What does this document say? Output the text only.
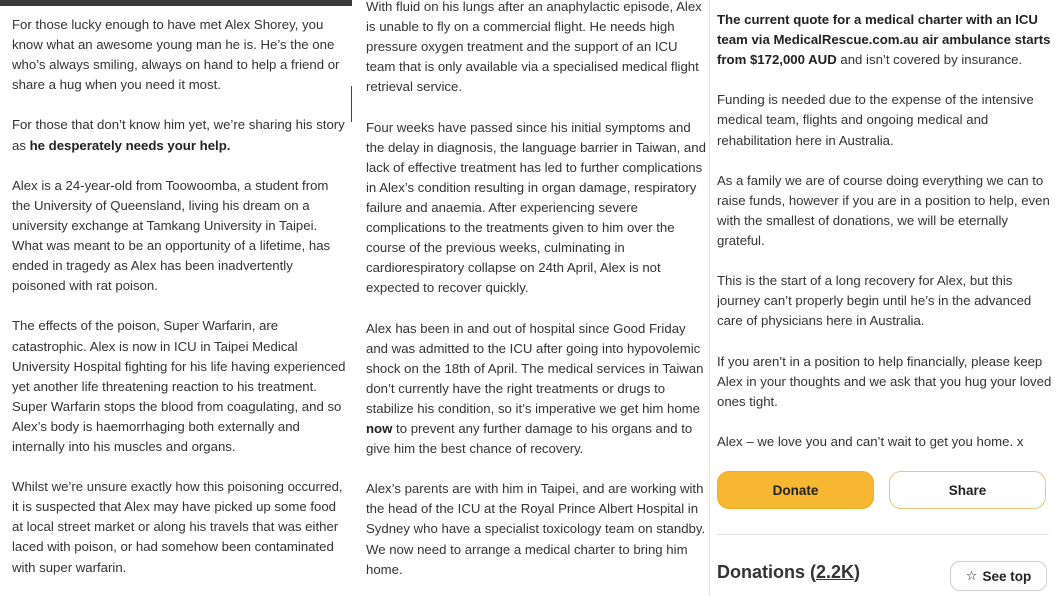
For those lucky enough to have met Alex Shorey, you know what an awesome young man he is. He’s the one who’s always smiling, always on hand to help a friend or share a hug when you need it most.

For those that don’t know him yet, we’re sharing his story as he desperately needs your help.

Alex is a 24-year-old from Toowoomba, a student from the University of Queensland, living his dream on a university exchange at Tamkang University in Taipei. What was meant to be an opportunity of a lifetime, has ended in tragedy as Alex has been inadvertently poisoned with rat poison.

The effects of the poison, Super Warfarin, are catastrophic. Alex is now in ICU in Taipei Medical University Hospital fighting for his life having experienced yet another life threatening reaction to his treatment. Super Warfarin stops the blood from coagulating, and so Alex’s body is haemorrhaging both externally and internally into his muscles and organs.

Whilst we’re unsure exactly how this poisoning occurred, it is suspected that Alex may have picked up some food at local street market or along his travels that was either laced with poison, or had somehow been contaminated with super warfarin.

With fluid on his lungs after an anaphylactic episode, Alex is unable to fly on a commercial flight. He needs high pressure oxygen treatment and the support of an ICU team that is only available via a specialised medical flight retrieval service.

Four weeks have passed since his initial symptoms and the delay in diagnosis, the language barrier in Taiwan, and lack of effective treatment has led to further complications in Alex’s condition resulting in organ damage, respiratory failure and anaemia. After experiencing severe complications to the treatments given to him over the course of the previous weeks, culminating in cardiorespiratory collapse on 24th April, Alex is not expected to recover quickly.

Alex has been in and out of hospital since Good Friday and was admitted to the ICU after going into hypovolemic shock on the 18th of April. The medical services in Taiwan don’t currently have the right treatments or drugs to stabilize his condition, so it’s imperative we get him home now to prevent any further damage to his organs and to give him the best chance of recovery.

Alex’s parents are with him in Taipei, and are working with the head of the ICU at the Royal Prince Albert Hospital in Sydney who have a specialist toxicology team on standby. We now need to arrange a medical charter to bring him home.

The current quote for a medical charter with an ICU team via MedicalRescue.com.au air ambulance starts from $172,000 AUD and isn’t covered by insurance.

Funding is needed due to the expense of the intensive medical team, flights and ongoing medical and rehabilitation here in Australia.

As a family we are of course doing everything we can to raise funds, however if you are in a position to help, even with the smallest of donations, we will be eternally grateful.

This is the start of a long recovery for Alex, but this journey can’t properly begin until he’s in the advanced care of physicians here in Australia.

If you aren’t in a position to help financially, please keep Alex in your thoughts and we ask that you hug your loved ones tight.

Alex – we love you and can’t wait to get you home. x

Donate	Share
Donations (2.2K)	☆ See top
